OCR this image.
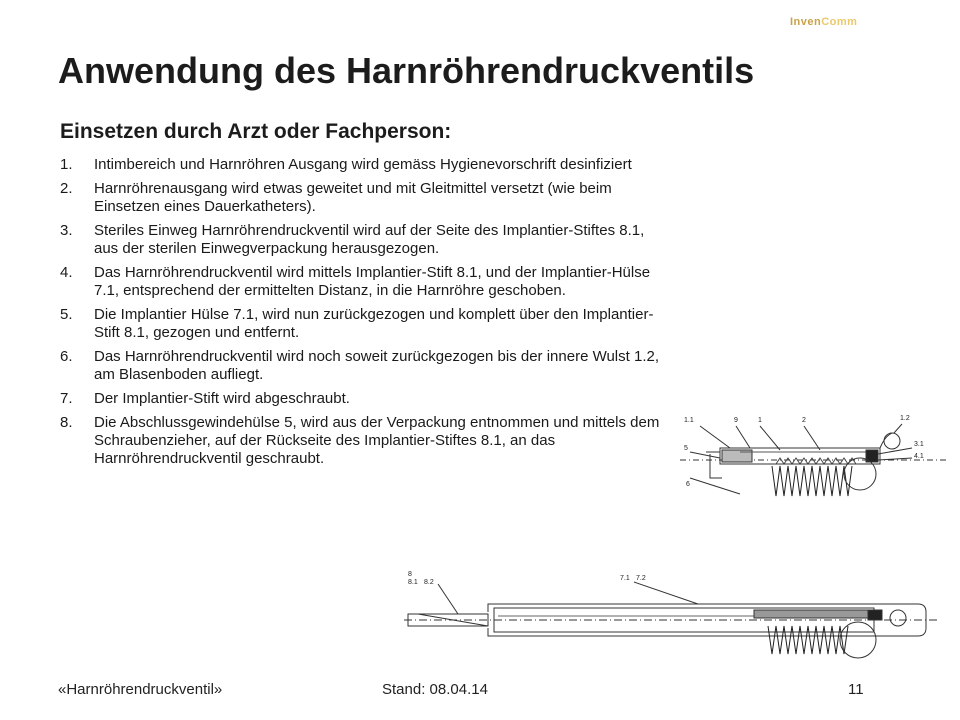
InvenComm
Anwendung des Harnröhrendruckventils
Einsetzen durch Arzt oder Fachperson:
1. Intimbereich und Harnröhren Ausgang wird gemäss Hygienevorschrift desinfiziert
2. Harnröhrenausgang wird etwas geweitet und mit Gleitmittel versetzt (wie beim Einsetzen eines Dauerkatheters).
3. Steriles Einweg Harnröhrendruckventil wird auf der Seite des Implantier-Stiftes 8.1, aus der sterilen Einwegverpackung herausgezogen.
4. Das Harnröhrendruckventil wird mittels Implantier-Stift 8.1, und der Implantier-Hülse 7.1, entsprechend der ermittelten Distanz, in die Harnröhre geschoben.
5. Die Implantier Hülse 7.1, wird nun zurückgezogen und komplett über den Implantier-Stift 8.1, gezogen und entfernt.
6. Das Harnröhrendruckventil wird noch soweit zurückgezogen bis der innere Wulst 1.2, am Blasenboden aufliegt.
7. Der Implantier-Stift wird abgeschraubt.
8. Die Abschlussgewindehülse 5, wird aus der Verpackung entnommen und mittels dem Schraubenzieher, auf der Rückseite des Implantier-Stiftes 8.1, an das Harnröhrendruckventil geschraubt.
1.1	9	1	2	1.2
5
3.1
4.1
6
8
8.1 8.2
7.1 7.2
«Harnröhrendruckventil»	Stand: 08.04.14	11
